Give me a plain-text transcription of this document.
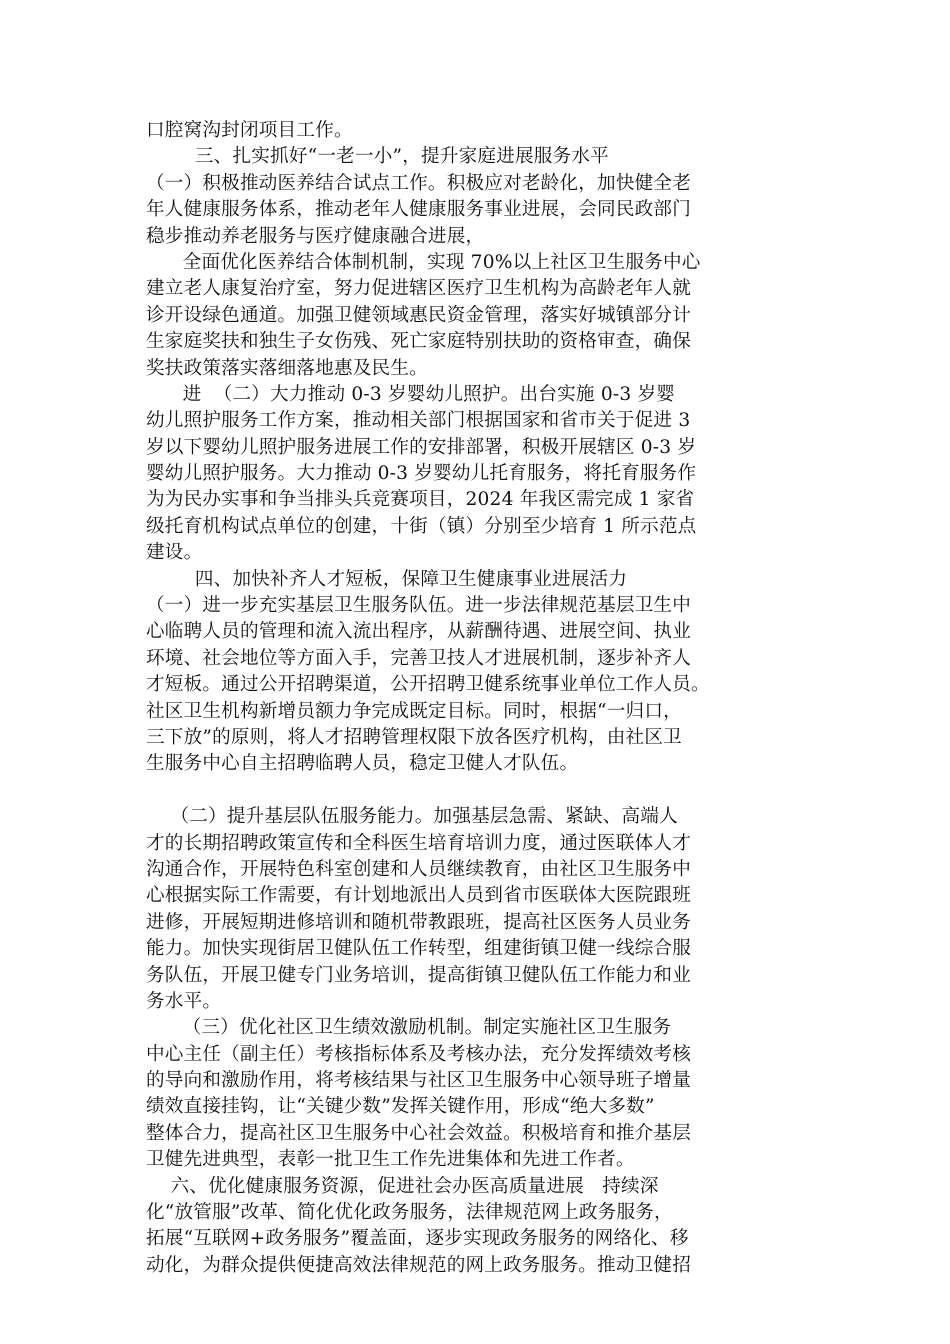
口腔窝沟封闭项目工作。
三、扎实抓好“一老一小”，提升家庭进展服务水平
（一）积极推动医养结合试点工作。积极应对老龄化，加快健全老
年人健康服务体系，推动老年人健康服务事业进展，会同民政部门
稳步推动养老服务与医疗健康融合进展，
全面优化医养结合体制机制，实现 70%以上社区卫生服务中心
建立老人康复治疗室，努力促进辖区医疗卫生机构为高龄老年人就
诊开设绿色通道。加强卫健领域惠民资金管理，落实好城镇部分计
生家庭奖扶和独生子女伤残、死亡家庭特别扶助的资格审查，确保
奖扶政策落实落细落地惠及民生。
进  （二）大力推动 0-3 岁婴幼儿照护。出台实施 0-3 岁婴
幼儿照护服务工作方案，推动相关部门根据国家和省市关于促进 3
岁以下婴幼儿照护服务进展工作的安排部署，积极开展辖区 0-3 岁
婴幼儿照护服务。大力推动 0-3 岁婴幼儿托育服务，将托育服务作
为为民办实事和争当排头兵竞赛项目，2024 年我区需完成 1 家省
级托育机构试点单位的创建，十街（镇）分别至少培育 1 所示范点
建设。
四、加快补齐人才短板，保障卫生健康事业进展活力
（一）进一步充实基层卫生服务队伍。进一步法律规范基层卫生中
心临聘人员的管理和流入流出程序，从薪酬待遇、进展空间、执业
环境、社会地位等方面入手，完善卫技人才进展机制，逐步补齐人
才短板。通过公开招聘渠道，公开招聘卫健系统事业单位工作人员。
社区卫生机构新增员额力争完成既定目标。同时，根据“一归口，
三下放”的原则，将人才招聘管理权限下放各医疗机构，由社区卫
生服务中心自主招聘临聘人员，稳定卫健人才队伍。
（二）提升基层队伍服务能力。加强基层急需、紧缺、高端人
才的长期招聘政策宣传和全科医生培育培训力度，通过医联体人才
沟通合作，开展特色科室创建和人员继续教育，由社区卫生服务中
心根据实际工作需要，有计划地派出人员到省市医联体大医院跟班
进修，开展短期进修培训和随机带教跟班，提高社区医务人员业务
能力。加快实现街居卫健队伍工作转型，组建街镇卫健一线综合服
务队伍，开展卫健专门业务培训，提高街镇卫健队伍工作能力和业
务水平。
（三）优化社区卫生绩效激励机制。制定实施社区卫生服务
中心主任（副主任）考核指标体系及考核办法，充分发挥绩效考核
的导向和激励作用，将考核结果与社区卫生服务中心领导班子增量
绩效直接挂钩，让“关键少数”发挥关键作用，形成“绝大多数”
整体合力，提高社区卫生服务中心社会效益。积极培育和推介基层
卫健先进典型，表彰一批卫生工作先进集体和先进工作者。
六、优化健康服务资源，促进社会办医高质量进展   持续深
化“放管服”改革、简化优化政务服务，法律规范网上政务服务，
拓展“互联网+政务服务”覆盖面，逐步实现政务服务的网络化、移
动化，为群众提供便捷高效法律规范的网上政务服务。推动卫健招
